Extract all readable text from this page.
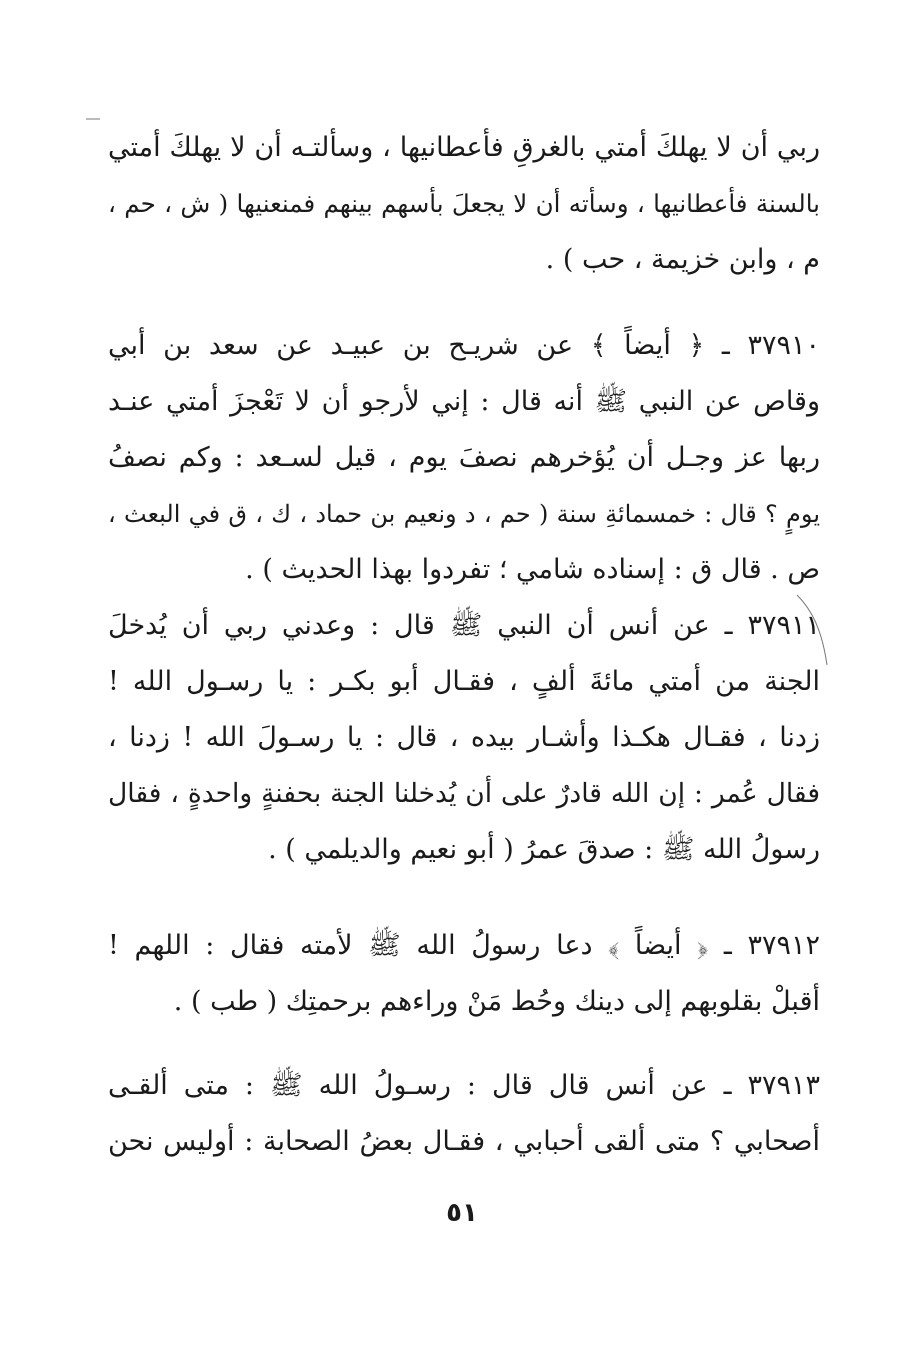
ربي أن لا يهلكَ أمتي بالغرقِ فأعطانيها ، وسألتـه أن لا يهلكَ أمتي
بالسنة فأعطانيها ، وسأته أن لا يجعلَ بأسهم بينهم فمنعنيها ( ش ، حم ،
م ، وابن خزيمة ، حب ) .
٣٧٩١٠ ـ ﴿ أيضاً ﴾ عن شريـح بن عبيـد عن سعد بن أبي
وقاص عن النبي ﷺ أنه قال : إني لأرجو أن لا تَعْجزَ أمتي عنـد
ربها عز وجـل أن يُؤخرهم نصفَ يوم ، قيل لسـعد : وكم نصفُ
يومٍ ؟ قال : خمسمائةِ سنة ( حم ، د ونعيم بن حماد ، ك ، ق في البعث ،
ص . قال ق : إسناده شامي ؛ تفردوا بهذا الحديث ) .
٣٧٩١١ ـ عن أنس أن النبي ﷺ قال : وعدني ربي أن يُدخلَ
الجنة من أمتي مائةَ ألفٍ ، فقـال أبو بكـر : يا رسـول الله !
زدنا ، فقـال هكـذا وأشـار بيده ، قال : يا رسـولَ الله ! زدنا ،
فقال عُمر : إن الله قادرٌ على أن يُدخلنا الجنة بحفنةٍ واحدةٍ ، فقال
رسولُ الله ﷺ : صدقَ عمرُ ( أبو نعيم والديلمي ) .
٣٧٩١٢ ـ ﴿ أيضاً ﴾ دعا رسولُ الله ﷺ لأمته فقال : اللهم !
أقبلْ بقلوبهم إلى دينك وحُط مَنْ وراءهم برحمتِك ( طب ) .
٣٧٩١٣ ـ عن أنس قال قال : رسـولُ الله ﷺ : متى ألقـى
أصحابي ؟ متى ألقى أحبابي ، فقـال بعضُ الصحابة : أوليس نحن
٥١
